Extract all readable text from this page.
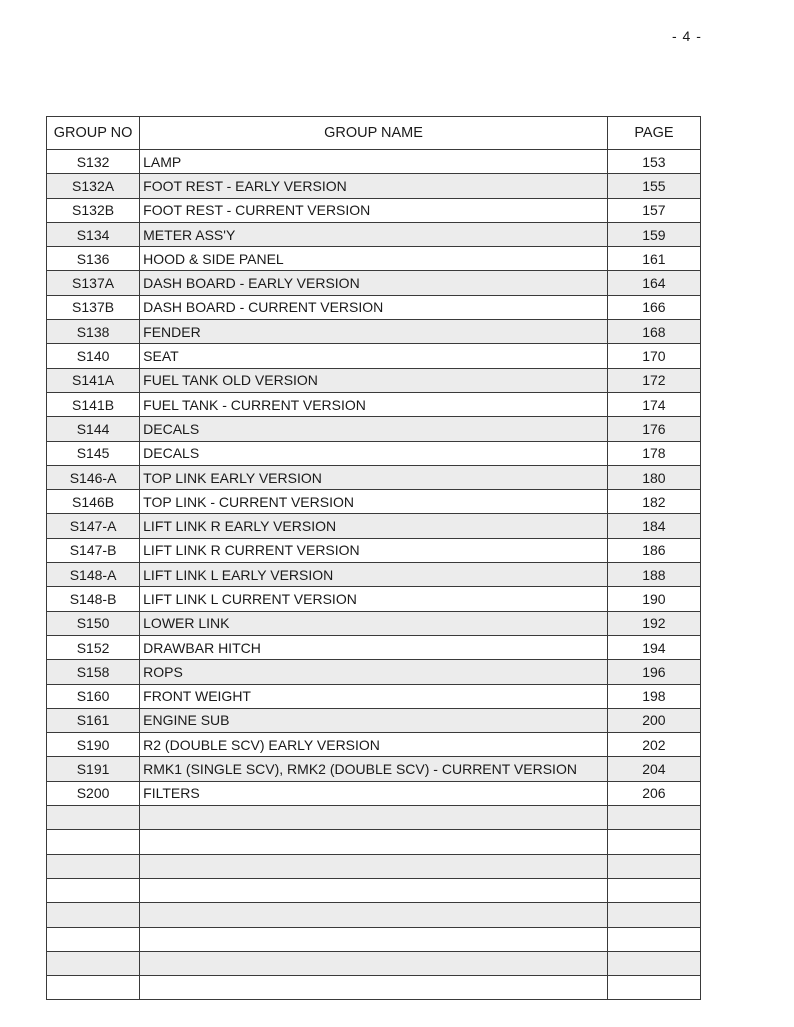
- 4 -
GROUP NO	GROUP NAME	PAGE
S132	LAMP	153
S132A	FOOT REST - EARLY VERSION	155
S132B	FOOT REST - CURRENT VERSION	157
S134	METER ASS'Y	159
S136	HOOD & SIDE PANEL	161
S137A	DASH BOARD - EARLY VERSION	164
S137B	DASH BOARD - CURRENT VERSION	166
S138	FENDER	168
S140	SEAT	170
S141A	FUEL TANK OLD VERSION	172
S141B	FUEL TANK - CURRENT VERSION	174
S144	DECALS	176
S145	DECALS	178
S146-A	TOP LINK EARLY VERSION	180
S146B	TOP LINK - CURRENT VERSION	182
S147-A	LIFT LINK R EARLY VERSION	184
S147-B	LIFT LINK R CURRENT VERSION	186
S148-A	LIFT LINK L EARLY VERSION	188
S148-B	LIFT LINK L CURRENT VERSION	190
S150	LOWER LINK	192
S152	DRAWBAR HITCH	194
S158	ROPS	196
S160	FRONT WEIGHT	198
S161	ENGINE SUB	200
S190	R2 (DOUBLE SCV) EARLY VERSION	202
S191	RMK1 (SINGLE SCV), RMK2 (DOUBLE SCV) - CURRENT VERSION	204
S200	FILTERS	206
